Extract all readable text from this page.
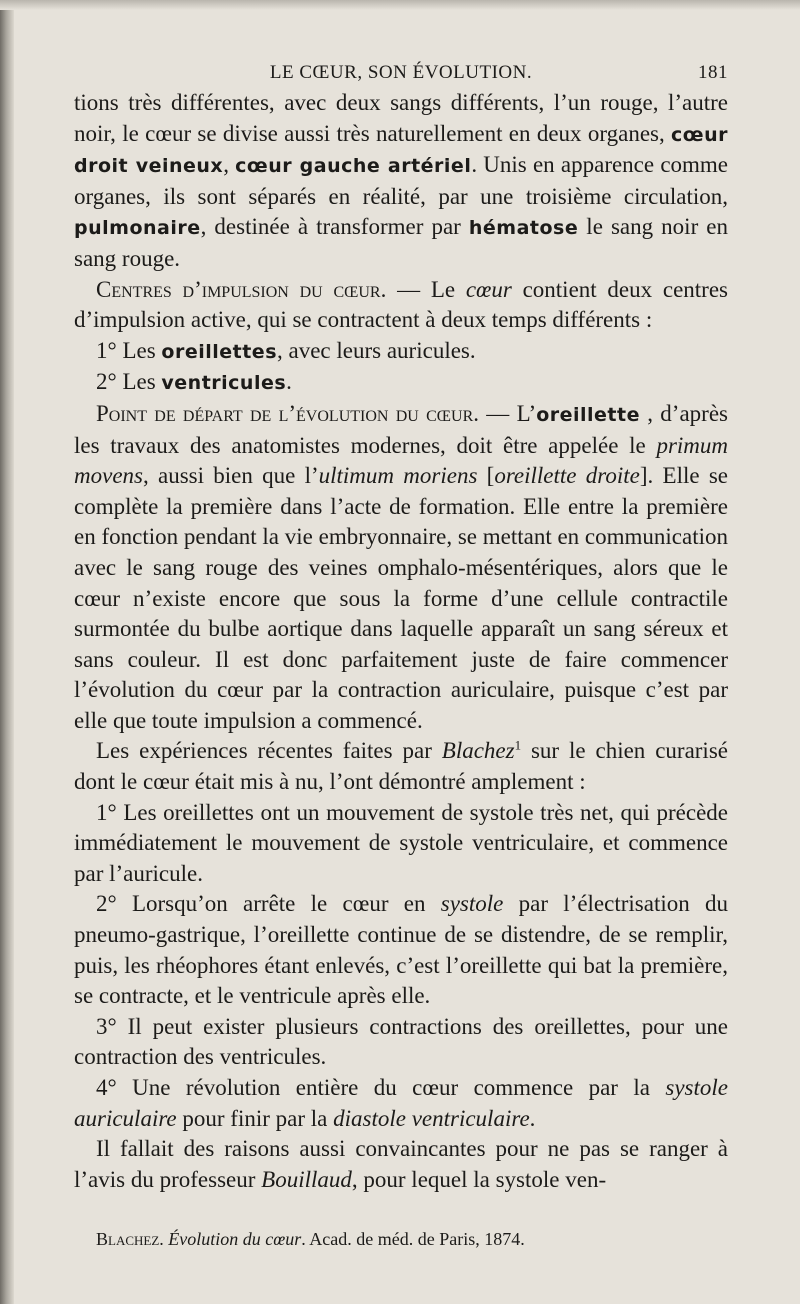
LE CŒUR, SON ÉVOLUTION.	181

tions très différentes, avec deux sangs différents, l’un rouge, l’autre noir, le cœur se divise aussi très naturellement en deux organes, cœur droit veineux, cœur gauche artériel. Unis en apparence comme organes, ils sont séparés en réalité, par une troisième circulation, pulmonaire, destinée à transformer par hématose le sang noir en sang rouge.

Centres d’impulsion du cœur. — Le cœur contient deux centres d’impulsion active, qui se contractent à deux temps différents :

1° Les oreillettes, avec leurs auricules.

2° Les ventricules.

Point de départ de l’évolution du cœur. — L’oreillette , d’après les travaux des anatomistes modernes, doit être appelée le primum movens, aussi bien que l’ultimum moriens [oreillette droite]. Elle se complète la première dans l’acte de formation. Elle entre la première en fonction pendant la vie embryonnaire, se mettant en communication avec le sang rouge des veines omphalo-mésentériques, alors que le cœur n’existe encore que sous la forme d’une cellule contractile surmontée du bulbe aortique dans laquelle apparaît un sang séreux et sans couleur. Il est donc parfaitement juste de faire commencer l’évolution du cœur par la contraction auriculaire, puisque c’est par elle que toute impulsion a commencé.

Les expériences récentes faites par Blachez$^1$ sur le chien curarisé dont le cœur était mis à nu, l’ont démontré amplement :

1° Les oreillettes ont un mouvement de systole très net, qui précède immédiatement le mouvement de systole ventriculaire, et commence par l’auricule.

2° Lorsqu’on arrête le cœur en systole par l’électrisation du pneumo-gastrique, l’oreillette continue de se distendre, de se remplir, puis, les rhéophores étant enlevés, c’est l’oreillette qui bat la première, se contracte, et le ventricule après elle.

3° Il peut exister plusieurs contractions des oreillettes, pour une contraction des ventricules.

4° Une révolution entière du cœur commence par la systole auriculaire pour finir par la diastole ventriculaire.

Il fallait des raisons aussi convaincantes pour ne pas se ranger à l’avis du professeur Bouillaud, pour lequel la systole ven-

Blachez. Évolution du cœur. Acad. de méd. de Paris, 1874.
